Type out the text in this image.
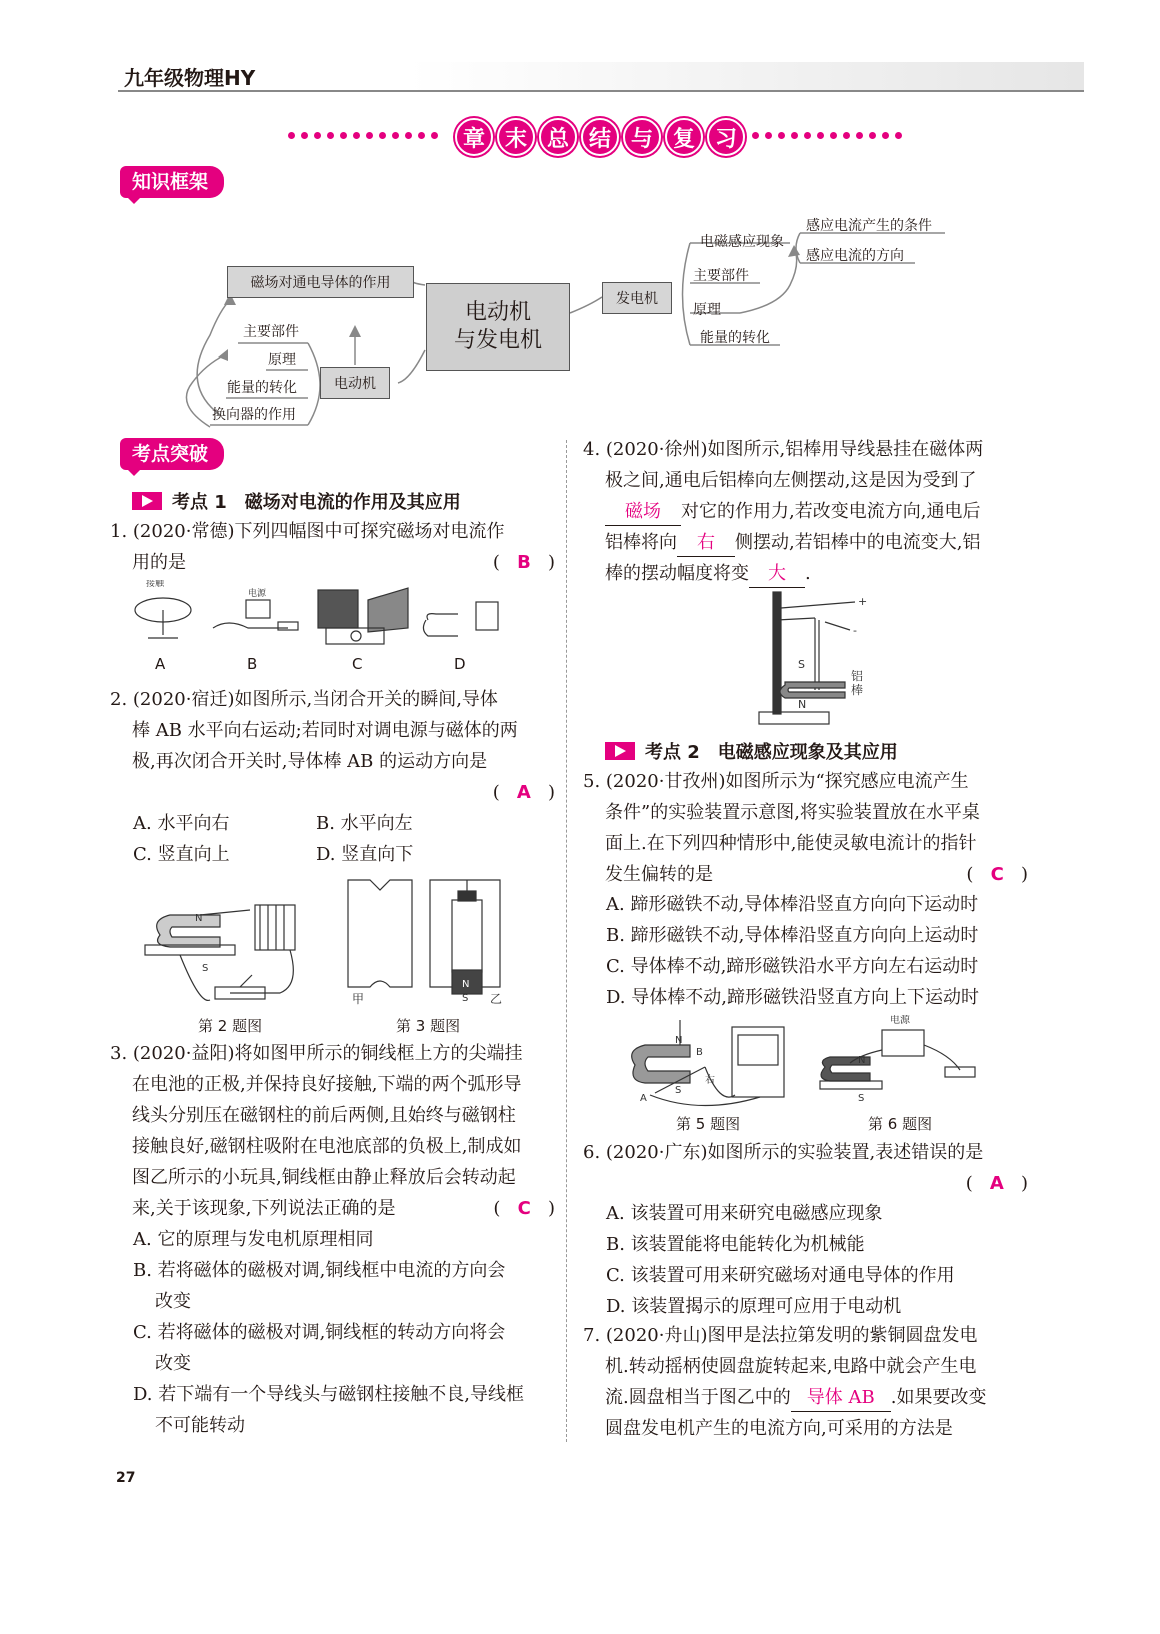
九年级物理HY
章 末 总 结 与 复 习
知识框架
磁场对通电导体的作用
电动机
与发电机
电动机
主要部件
原理
能量的转化
换向器的作用
发电机
电磁感应现象
感应电流产生的条件
感应电流的方向
主要部件
原理
能量的转化
考点突破
考点 1 磁场对电流的作用及其应用
1. (2020·常德)下列四幅图中可探究磁场对电流作
用的是	(   B   )
接触
电源
A	B	C	D
2. (2020·宿迁)如图所示,当闭合开关的瞬间,导体
棒 AB 水平向右运动;若同时对调电源与磁体的两
极,再次闭合开关时,导体棒 AB 的运动方向是
(   A   )
A. 水平向右	B. 水平向左
C. 竖直向上	D. 竖直向下
N
S
甲	乙
N
S
第 2 题图	第 3 题图
3. (2020·益阳)将如图甲所示的铜线框上方的尖端挂
在电池的正极,并保持良好接触,下端的两个弧形导
线头分别压在磁钢柱的前后两侧,且始终与磁钢柱
接触良好,磁钢柱吸附在电池底部的负极上,制成如
图乙所示的小玩具,铜线框由静止释放后会转动起
来,关于该现象,下列说法正确的是	(   C   )
A. 它的原理与发电机原理相同
B. 若将磁体的磁极对调,铜线框中电流的方向会
改变
C. 若将磁体的磁极对调,铜线框的转动方向将会
改变
D. 若下端有一个导线头与磁钢柱接触不良,导线框
不可能转动
4. (2020·徐州)如图所示,铝棒用导线悬挂在磁体两
极之间,通电后铝棒向左侧摆动,这是因为受到了
磁场 对它的作用力,若改变电流方向,通电后
铝棒将向 右 侧摆动,若铝棒中的电流变大,铝
棒的摆动幅度将变 大 .
+
-
S
N
铝
棒
考点 2 电磁感应现象及其应用
5. (2020·甘孜州)如图所示为“探究感应电流产生
条件”的实验装置示意图,将实验装置放在水平桌
面上.在下列四种情形中,能使灵敏电流计的指针
发生偏转的是	(   C   )
A. 蹄形磁铁不动,导体棒沿竖直方向向下运动时
B. 蹄形磁铁不动,导体棒沿竖直方向向上运动时
C. 导体棒不动,蹄形磁铁沿水平方向左右运动时
D. 导体棒不动,蹄形磁铁沿竖直方向上下运动时
N
B
右
A
S
电源
N
S
第 5 题图	第 6 题图
6. (2020·广东)如图所示的实验装置,表述错误的是
(   A   )
A. 该装置可用来研究电磁感应现象
B. 该装置能将电能转化为机械能
C. 该装置可用来研究磁场对通电导体的作用
D. 该装置揭示的原理可应用于电动机
7. (2020·舟山)图甲是法拉第发明的紫铜圆盘发电
机.转动摇柄使圆盘旋转起来,电路中就会产生电
流.圆盘相当于图乙中的 导体 AB .如果要改变
圆盘发电机产生的电流方向,可采用的方法是
27
